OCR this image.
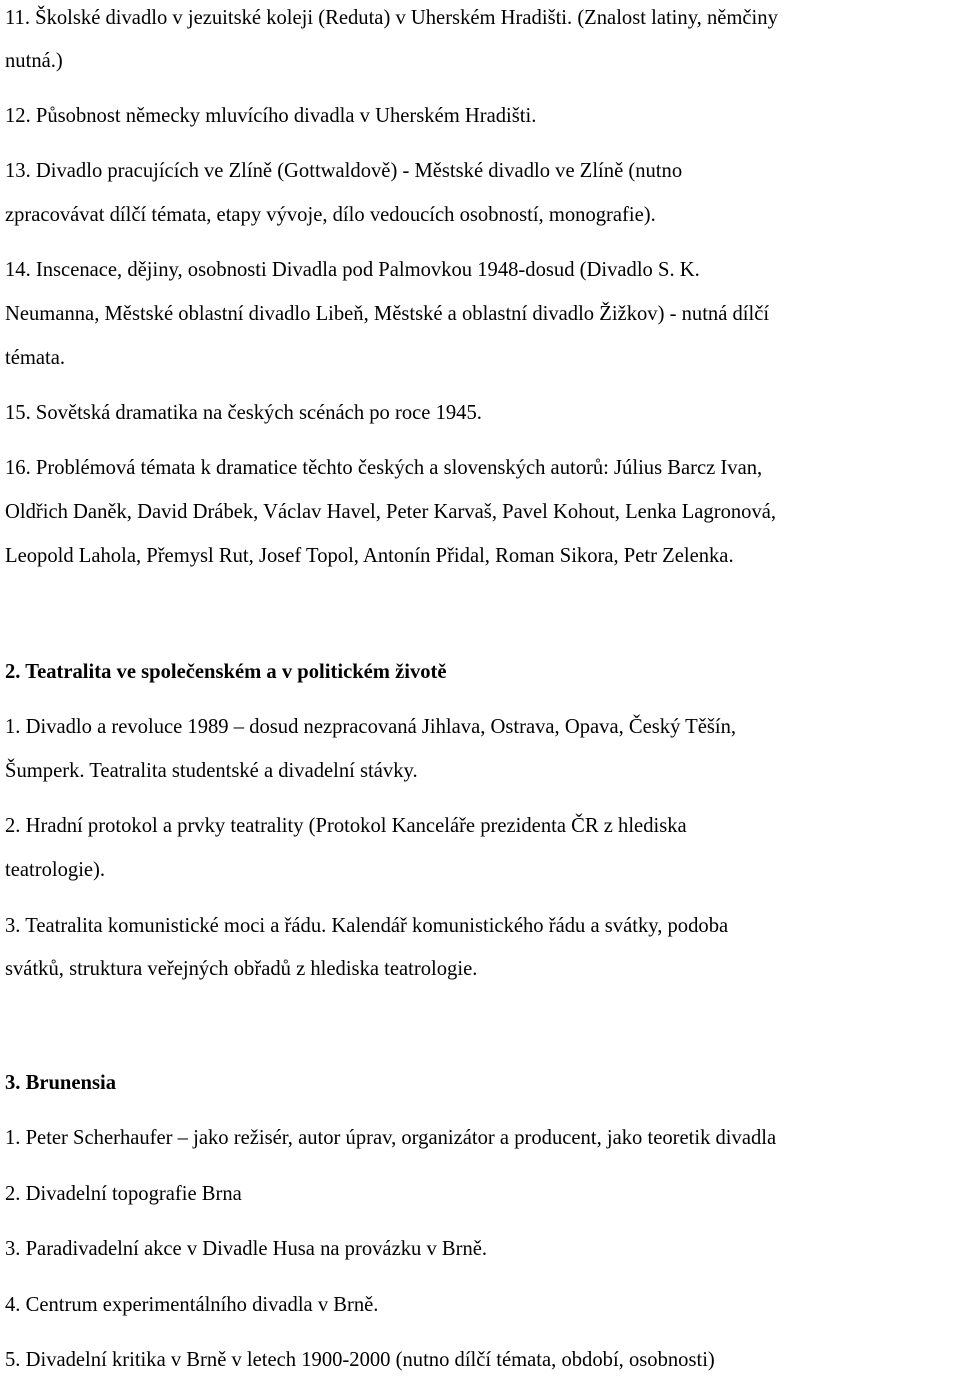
11. Školské divadlo v jezuitské koleji (Reduta) v Uherském Hradišti. (Znalost latiny, němčiny
nutná.)
12. Působnost německy mluvícího divadla v Uherském Hradišti.
13. Divadlo pracujících ve Zlíně (Gottwaldově) - Městské divadlo ve Zlíně (nutno
zpracovávat dílčí témata, etapy vývoje, dílo vedoucích osobností, monografie).
14. Inscenace, dějiny, osobnosti Divadla pod Palmovkou 1948-dosud (Divadlo S. K.
Neumanna, Městské oblastní divadlo Libeň, Městské a oblastní divadlo Žižkov) - nutná dílčí
témata.
15. Sovětská dramatika na českých scénách po roce 1945.
16. Problémová témata k dramatice těchto českých a slovenských autorů: Július Barcz Ivan,
Oldřich Daněk, David Drábek, Václav Havel, Peter Karvaš, Pavel Kohout, Lenka Lagronová,
Leopold Lahola, Přemysl Rut, Josef Topol, Antonín Přidal, Roman Sikora, Petr Zelenka.
2. Teatralita ve společenském a v politickém životě
1. Divadlo a revoluce 1989 – dosud nezpracovaná Jihlava, Ostrava, Opava, Český Těšín,
Šumperk. Teatralita studentské a divadelní stávky.
2. Hradní protokol a prvky teatrality (Protokol Kanceláře prezidenta ČR z hlediska
teatrologie).
3. Teatralita komunistické moci a řádu. Kalendář komunistického řádu a svátky, podoba
svátků, struktura veřejných obřadů z hlediska teatrologie.
3. Brunensia
1. Peter Scherhaufer – jako režisér, autor úprav, organizátor a producent, jako teoretik divadla
2. Divadelní topografie Brna
3. Paradivadelní akce v Divadle Husa na provázku v Brně.
4. Centrum experimentálního divadla v Brně.
5. Divadelní kritika v Brně v letech 1900-2000 (nutno dílčí témata, období, osobnosti)
